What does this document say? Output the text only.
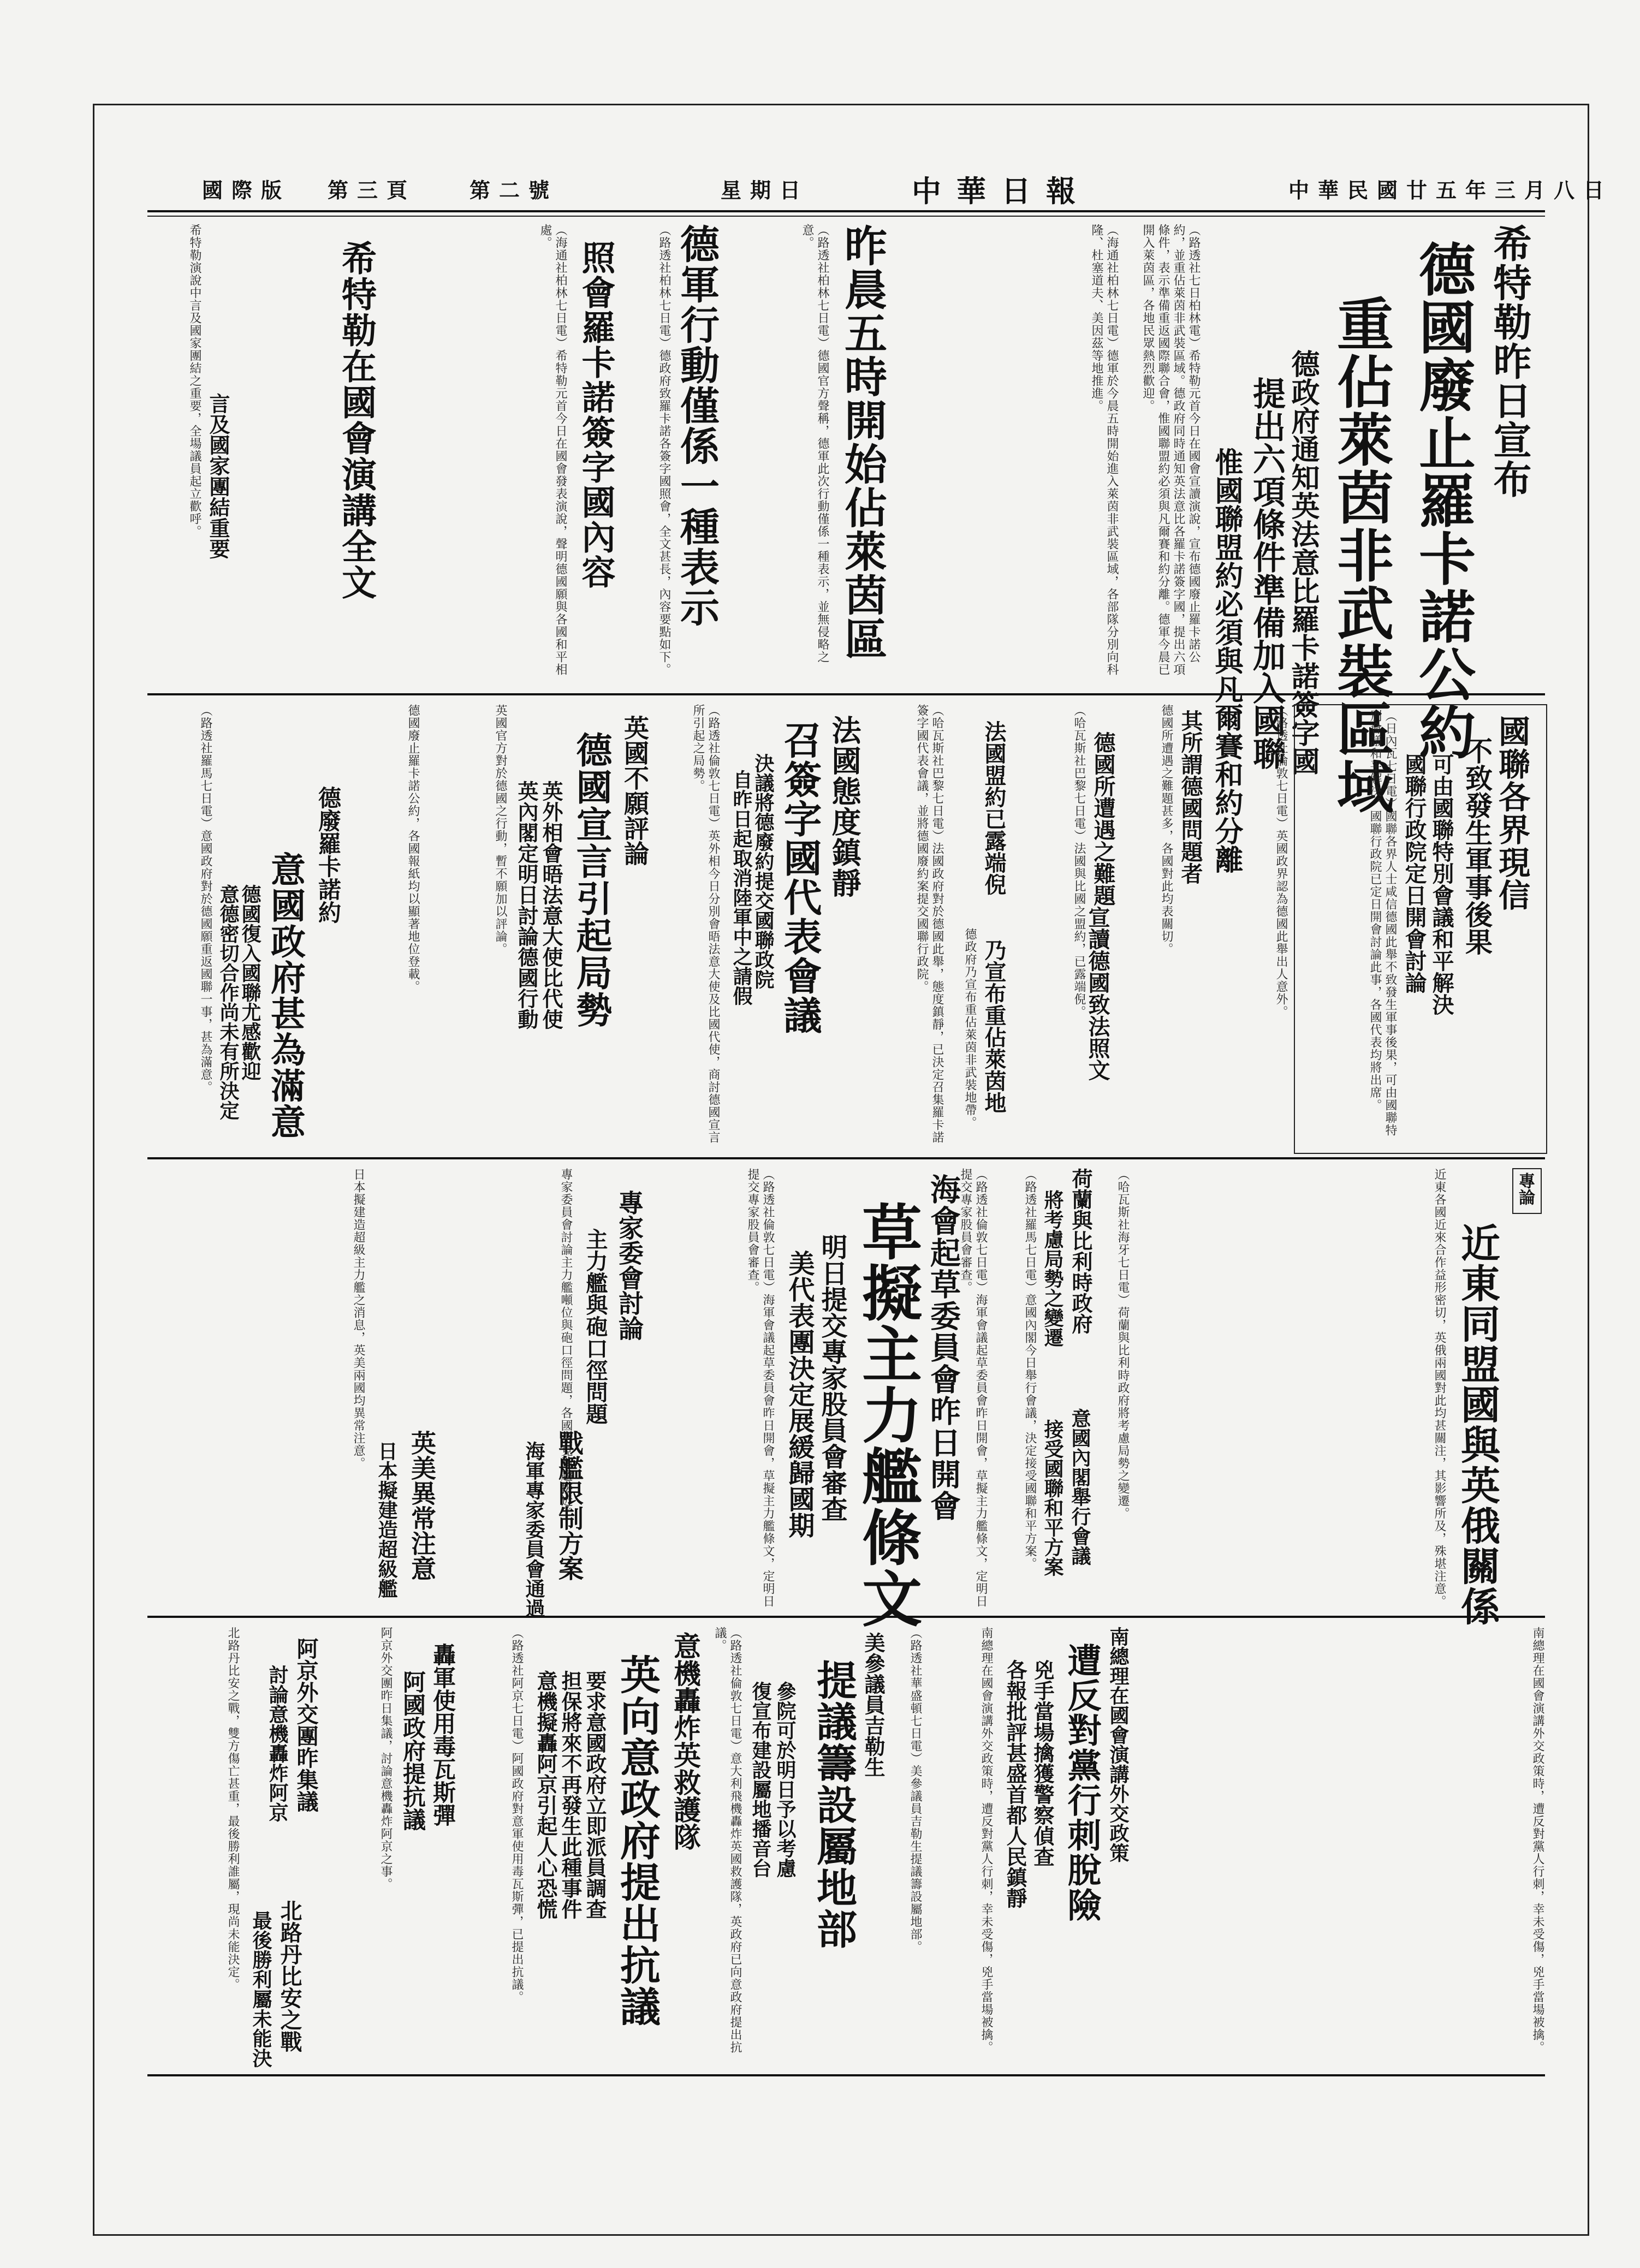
中華民國廿五年三月八日
中華日報
星期日
第二號
第三頁
國際版
希特勒昨日宣布
德國廢止羅卡諾公約
重佔萊茵非武裝區域
德政府通知英法意比羅卡諾簽字國
提出六項條件準備加入國聯
惟國聯盟約必須與凡爾賽和約分離
（路透社七日柏林電）希特勒元首今日在國會宣讀演說，宣布德國廢止羅卡諾公約，並重佔萊茵非武裝區域。德政府同時通知英法意比各羅卡諾簽字國，提出六項條件，表示準備重返國際聯合會，惟國聯盟約必須與凡爾賽和約分離。德軍今晨已開入萊茵區，各地民眾熱烈歡迎。
昨晨五時開始佔萊茵區	（海通社柏林七日電）德軍於今晨五時開始進入萊茵非武裝區域，各部隊分別向科隆、杜塞道夫、美因茲等地推進。
德軍行動僅係一種表示	（路透社柏林七日電）德國官方聲稱，德軍此次行動僅係一種表示，並無侵略之意。
照會羅卡諾簽字國內容	（路透社柏林七日電）德政府致羅卡諾各簽字國照會，全文甚長，內容要點如下。
希特勒在國會演講全文	（海通社柏林七日電）希特勒元首今日在國會發表演說，聲明德國願與各國和平相處。
言及國家團結重要
希特勒演說中言及國家團結之重要，全場議員起立歡呼。
國聯各界現信
不致發生軍事後果
可由國聯特別會議和平解決
國聯行政院定日開會討論
（日內瓦七日電）國聯各界人士咸信德國此舉不致發生軍事後果，可由國聯特別會議和平解決。國聯行政院已定日開會討論此事，各國代表均將出席。
其所謂德國問題者	（路透社倫敦七日電）英國政界認為德國此舉出人意外。
德國所遭遇之難題	德國所遭遇之難題甚多，各國對此均表關切。
法國盟約已露端倪	（哈瓦斯社巴黎七日電）法國與比國之盟約，已露端倪。
宣讀德國致法照文
乃宣布重佔萊茵地
德政府乃宣布重佔萊茵非武裝地帶。
法國態度鎮靜
召簽字國代表會議
決議將德廢約提交國聯政院
自昨日起取消陸軍中之請假	（哈瓦斯社巴黎七日電）法國政府對於德國此舉，態度鎮靜，已決定召集羅卡諾簽字國代表會議，並將德國廢約案提交國聯行政院。
英國不願評論
德國宣言引起局勢
英外相會晤法意大使比代使
英內閣定明日討論德國行動	（路透社倫敦七日電）英外相今日分別會晤法意大使及比國代使，商討德國宣言所引起之局勢。
英國官方對於德國之行動，暫不願加以評論。
德廢羅卡諾約
意國政府甚為滿意
德國復入國聯尤感歡迎
意德密切合作尚未有所決定
德國廢止羅卡諾公約，各國報紙均以顯著地位登載。
（路透社羅馬七日電）意國政府對於德國願重返國聯一事，甚為滿意。
專論
近東同盟國與英俄關係
近東各國近來合作益形密切，英俄兩國對此均甚關注，其影響所及，殊堪注意。
荷蘭與比利時政府
將考慮局勢之變遷	（哈瓦斯社海牙七日電）荷蘭與比利時政府將考慮局勢之變遷。
意國內閣舉行會議
接受國聯和平方案
（路透社羅馬七日電）意國內閣今日舉行會議，決定接受國聯和平方案。
海會起草委員會昨日開會
草擬主力艦條文
明日提交專家股員會審查
美代表團決定展緩歸國期	（路透社倫敦七日電）海軍會議起草委員會昨日開會，草擬主力艦條文，定明日提交專家股員會審查。
（路透社倫敦七日電）海軍會議起草委員會昨日開會，草擬主力艦條文，定明日提交專家股員會審查。
專家委會討論
主力艦與砲口徑問題
專家委員會討論主力艦噸位與砲口徑問題，各國意見漸趨接近。
戰艦限制方案
海軍專家委員會通過
英美異常注意
日本擬建造超級艦
日本擬建造超級主力艦之消息，英美兩國均異常注意。
南總理在國會演講外交政策
遭反對黨行刺脫險
兇手當場擒獲警察偵查
各報批評甚盛首都人民鎮靜	南總理在國會演講外交政策時，遭反對黨人行刺，幸未受傷，兇手當場被擒。
南總理在國會演講外交政策時，遭反對黨人行刺，幸未受傷，兇手當場被擒。
美參議員吉勒生
提議籌設屬地部
參院可於明日予以考慮
復宣布建設屬地播音台	（路透社華盛頓七日電）美參議員吉勒生提議籌設屬地部。
意機轟炸英救護隊
英向意政府提出抗議
要求意國政府立即派員調查
担保將來不再發生此種事件
意機擬轟阿京引起人心恐慌	（路透社倫敦七日電）意大利飛機轟炸英國救護隊，英政府已向意政府提出抗議。
轟軍使用毒瓦斯彈
阿國政府提抗議	（路透社阿京七日電）阿國政府對意軍使用毒瓦斯彈，已提出抗議。
阿京外交團昨集議
討論意機轟炸阿京	阿京外交團昨日集議，討論意機轟炸阿京之事。
北路丹比安之戰
最後勝利屬未能決
北路丹比安之戰，雙方傷亡甚重，最後勝利誰屬，現尚未能決定。
